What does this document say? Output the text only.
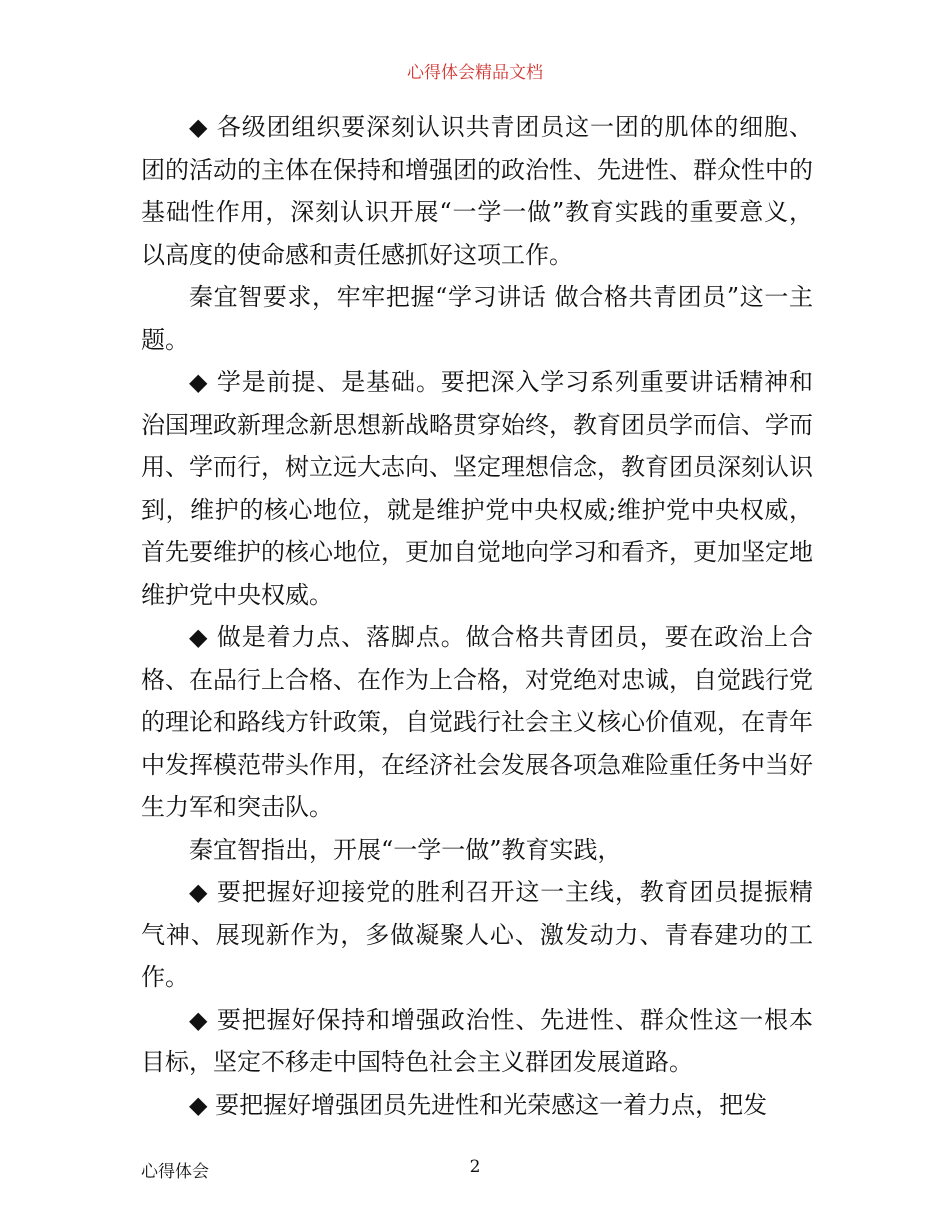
心得体会精品文档

◆ 各级团组织要深刻认识共青团员这一团的肌体的细胞、团的活动的主体在保持和增强团的政治性、先进性、群众性中的基础性作用，深刻认识开展“一学一做”教育实践的重要意义，以高度的使命感和责任感抓好这项工作。

秦宜智要求，牢牢把握“学习讲话 做合格共青团员”这一主题。

◆ 学是前提、是基础。要把深入学习系列重要讲话精神和治国理政新理念新思想新战略贯穿始终，教育团员学而信、学而用、学而行，树立远大志向、坚定理想信念，教育团员深刻认识到，维护的核心地位，就是维护党中央权威;维护党中央权威，首先要维护的核心地位，更加自觉地向学习和看齐，更加坚定地维护党中央权威。

◆ 做是着力点、落脚点。做合格共青团员，要在政治上合格、在品行上合格、在作为上合格，对党绝对忠诚，自觉践行党的理论和路线方针政策，自觉践行社会主义核心价值观，在青年中发挥模范带头作用，在经济社会发展各项急难险重任务中当好生力军和突击队。

秦宜智指出，开展“一学一做”教育实践，

◆ 要把握好迎接党的胜利召开这一主线，教育团员提振精气神、展现新作为，多做凝聚人心、激发动力、青春建功的工作。

◆ 要把握好保持和增强政治性、先进性、群众性这一根本目标，坚定不移走中国特色社会主义群团发展道路。

◆ 要把握好增强团员先进性和光荣感这一着力点，把发

心得体会	2
